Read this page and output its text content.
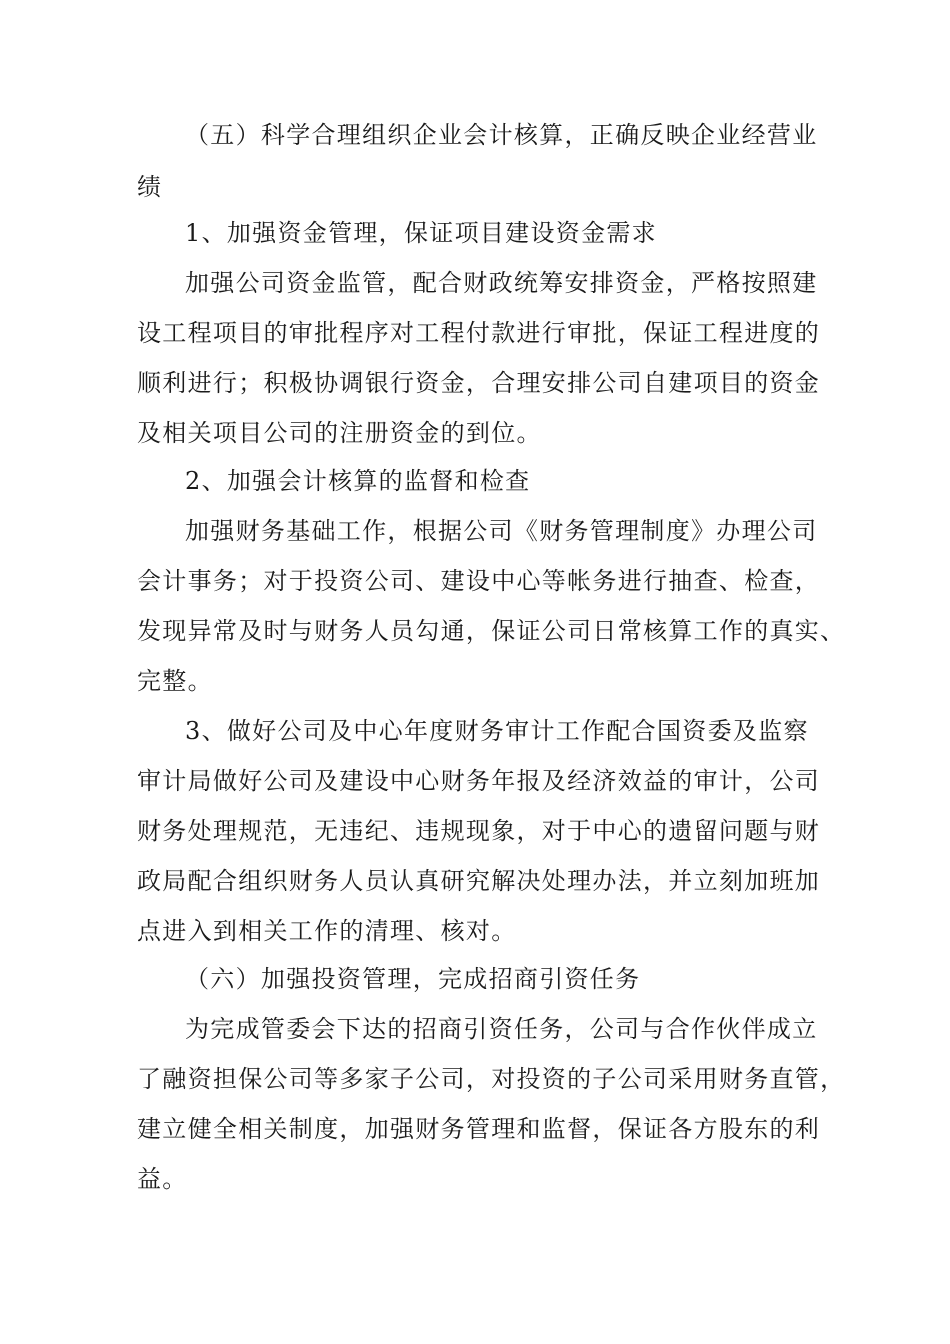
（五）科学合理组织企业会计核算，正确反映企业经营业
绩
1、加强资金管理，保证项目建设资金需求
加强公司资金监管，配合财政统筹安排资金，严格按照建
设工程项目的审批程序对工程付款进行审批，保证工程进度的
顺利进行；积极协调银行资金，合理安排公司自建项目的资金
及相关项目公司的注册资金的到位。
2、加强会计核算的监督和检查
加强财务基础工作，根据公司《财务管理制度》办理公司
会计事务；对于投资公司、建设中心等帐务进行抽查、检查，
发现异常及时与财务人员勾通，保证公司日常核算工作的真实、
完整。
3、做好公司及中心年度财务审计工作配合国资委及监察
审计局做好公司及建设中心财务年报及经济效益的审计，公司
财务处理规范，无违纪、违规现象，对于中心的遗留问题与财
政局配合组织财务人员认真研究解决处理办法，并立刻加班加
点进入到相关工作的清理、核对。
（六）加强投资管理，完成招商引资任务
为完成管委会下达的招商引资任务，公司与合作伙伴成立
了融资担保公司等多家子公司，对投资的子公司采用财务直管，
建立健全相关制度，加强财务管理和监督，保证各方股东的利
益。
